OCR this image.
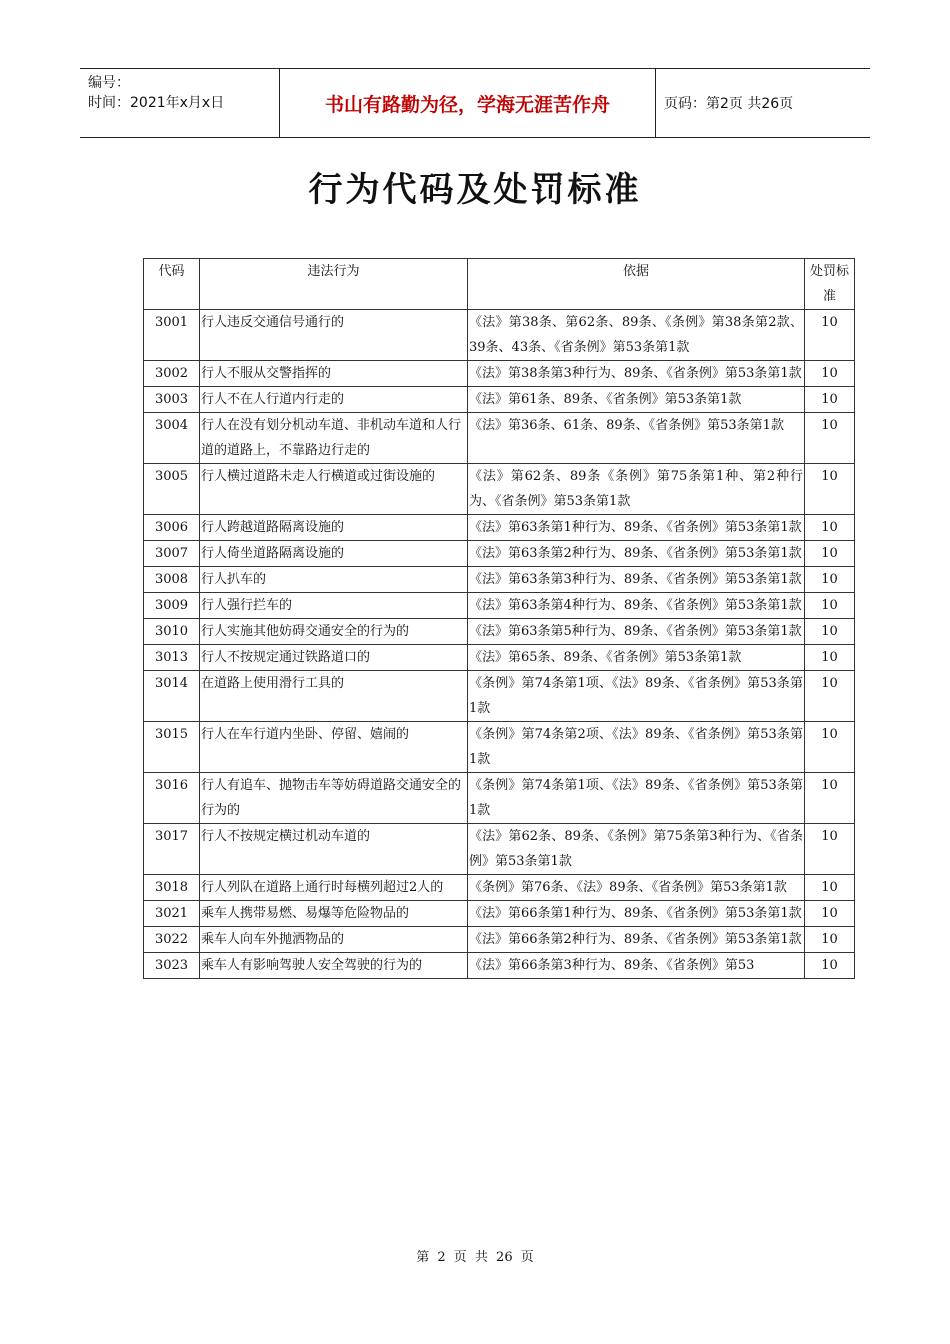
编号：
时间：2021年x月x日	书山有路勤为径，学海无涯苦作舟	页码：第2页 共26页
行为代码及处罚标准
代码	违法行为	依据	处罚标准
3001	行人违反交通信号通行的	《法》第38条、第62条、89条、《条例》第38条第2款、39条、43条、《省条例》第53条第1款	10
3002	行人不服从交警指挥的	《法》第38条第3种行为、89条、《省条例》第53条第1款	10
3003	行人不在人行道内行走的	《法》第61条、89条、《省条例》第53条第1款	10
3004	行人在没有划分机动车道、非机动车道和人行道的道路上，不靠路边行走的	《法》第36条、61条、89条、《省条例》第53条第1款	10
3005	行人横过道路未走人行横道或过街设施的	《法》第62条、89条《条例》第75条第1种、第2种行为、《省条例》第53条第1款	10
3006	行人跨越道路隔离设施的	《法》第63条第1种行为、89条、《省条例》第53条第1款	10
3007	行人倚坐道路隔离设施的	《法》第63条第2种行为、89条、《省条例》第53条第1款	10
3008	行人扒车的	《法》第63条第3种行为、89条、《省条例》第53条第1款	10
3009	行人强行拦车的	《法》第63条第4种行为、89条、《省条例》第53条第1款	10
3010	行人实施其他妨碍交通安全的行为的	《法》第63条第5种行为、89条、《省条例》第53条第1款	10
3013	行人不按规定通过铁路道口的	《法》第65条、89条、《省条例》第53条第1款	10
3014	在道路上使用滑行工具的	《条例》第74条第1项、《法》89条、《省条例》第53条第1款	10
3015	行人在车行道内坐卧、停留、嬉闹的	《条例》第74条第2项、《法》89条、《省条例》第53条第1款	10
3016	行人有追车、抛物击车等妨碍道路交通安全的行为的	《条例》第74条第1项、《法》89条、《省条例》第53条第1款	10
3017	行人不按规定横过机动车道的	《法》第62条、89条、《条例》第75条第3种行为、《省条例》第53条第1款	10
3018	行人列队在道路上通行时每横列超过2人的	《条例》第76条、《法》89条、《省条例》第53条第1款	10
3021	乘车人携带易燃、易爆等危险物品的	《法》第66条第1种行为、89条、《省条例》第53条第1款	10
3022	乘车人向车外抛洒物品的	《法》第66条第2种行为、89条、《省条例》第53条第1款	10
3023	乘车人有影响驾驶人安全驾驶的行为的	《法》第66条第3种行为、89条、《省条例》第53	10
第 2 页 共 26 页
